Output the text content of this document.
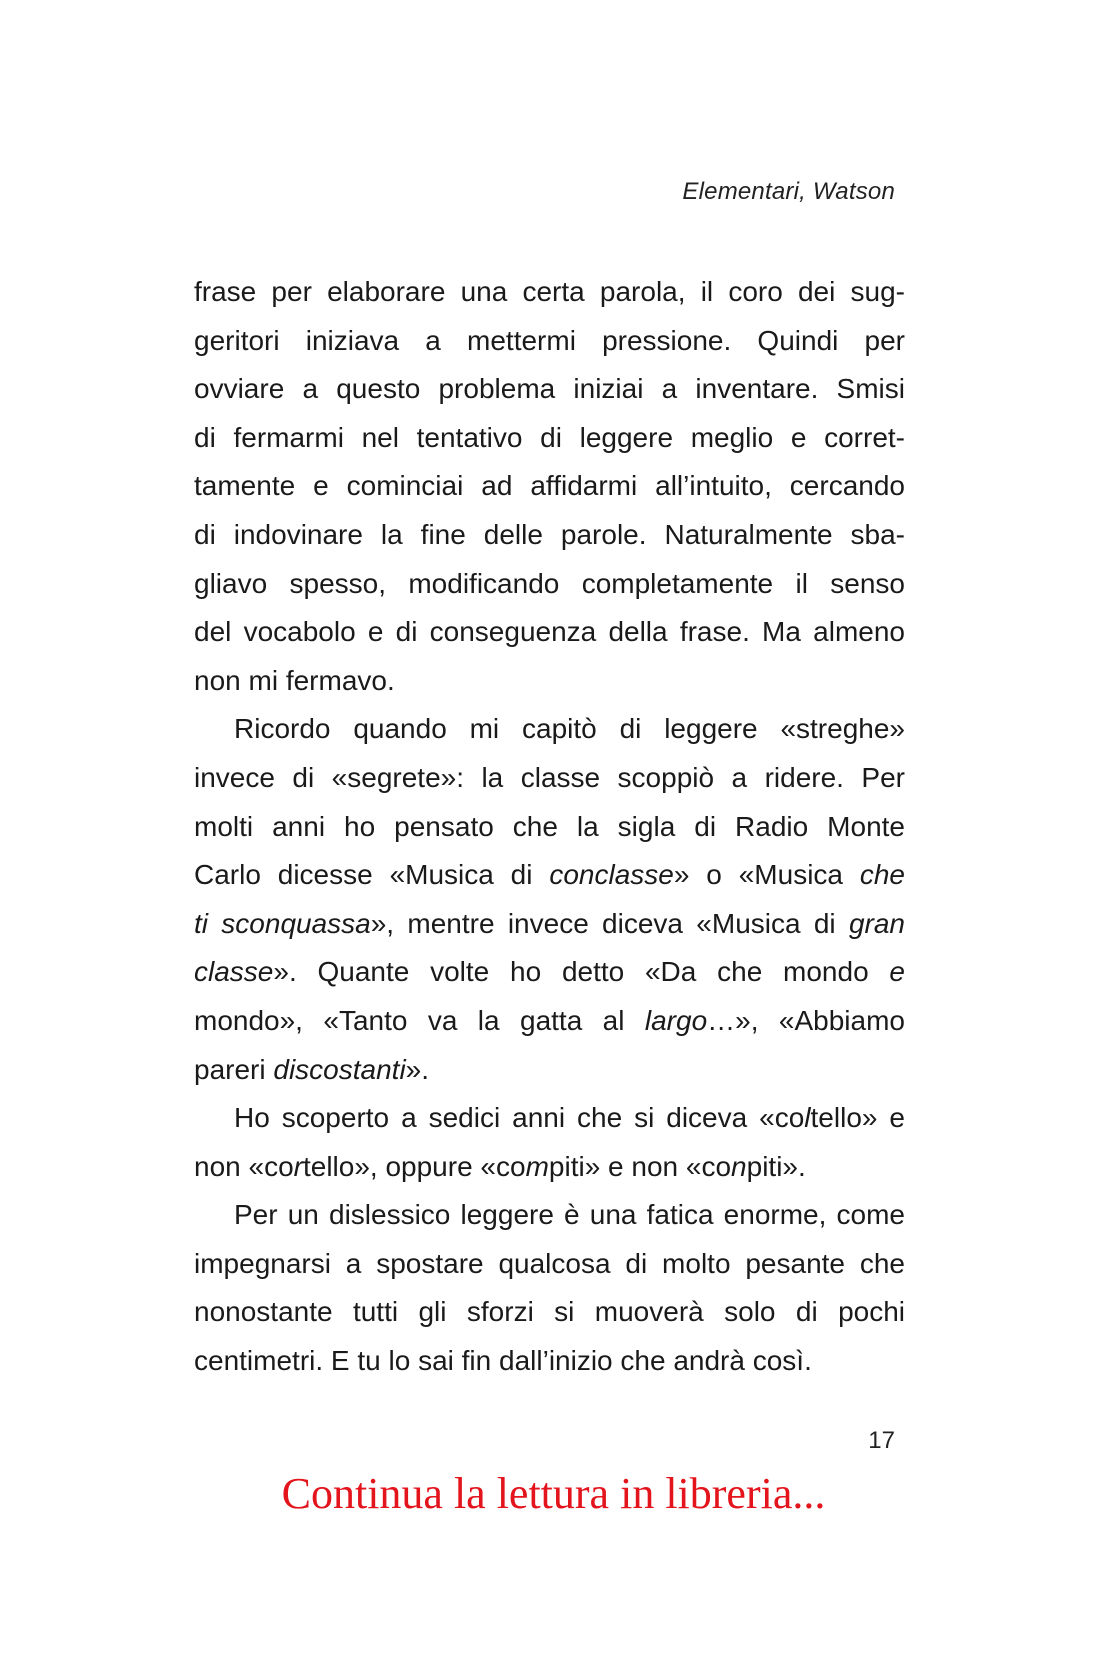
Elementari, Watson
frase per elaborare una certa parola, il coro dei sug-
geritori iniziava a mettermi pressione. Quindi per
ovviare a questo problema iniziai a inventare. Smisi
di fermarmi nel tentativo di leggere meglio e corret-
tamente e cominciai ad affidarmi all’intuito, cercando
di indovinare la fine delle parole. Naturalmente sba-
gliavo spesso, modificando completamente il senso
del vocabolo e di conseguenza della frase. Ma almeno
non mi fermavo.
Ricordo quando mi capitò di leggere «streghe»
invece di «segrete»: la classe scoppiò a ridere. Per
molti anni ho pensato che la sigla di Radio Monte
Carlo dicesse «Musica di conclasse» o «Musica che
ti sconquassa», mentre invece diceva «Musica di gran
classe». Quante volte ho detto «Da che mondo e
mondo», «Tanto va la gatta al largo…», «Abbiamo
pareri discostanti».
Ho scoperto a sedici anni che si diceva «coltello» e
non «cortello», oppure «compiti» e non «conpiti».
Per un dislessico leggere è una fatica enorme, come
impegnarsi a spostare qualcosa di molto pesante che
nonostante tutti gli sforzi si muoverà solo di pochi
centimetri. E tu lo sai fin dall’inizio che andrà così.
17
Continua la lettura in libreria...
